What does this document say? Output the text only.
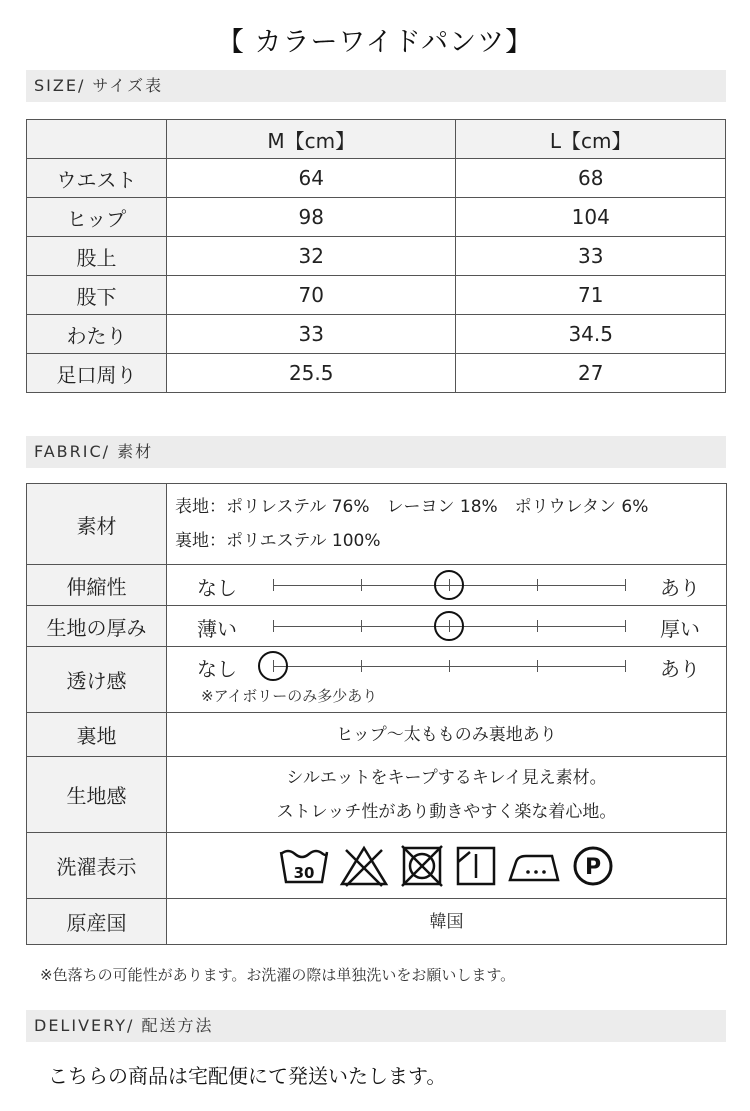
【 カラーワイドパンツ】
SIZE/ サイズ表
	M【cm】	L【cm】
ウエスト	64	68
ヒップ	98	104
股上	32	33
股下	70	71
わたり	33	34.5
足口周り	25.5	27
FABRIC/ 素材
素材	表地：ポリレステル 76%　レーヨン 18%　ポリウレタン 6%
裏地：ポリエステル 100%

伸縮性	なし あり

生地の厚み	薄い 厚い

透け感	なし あり
※アイボリーのみ多少あり

裏地	ヒップ〜太もものみ裏地あり
生地感	シルエットをキープするキレイ見え素材。
ストレッチ性があり動きやすく楽な着心地。

洗濯表示	30 P

原産国	韓国
※色落ちの可能性があります。お洗濯の際は単独洗いをお願いします。
DELIVERY/ 配送方法
こちらの商品は宅配便にて発送いたします。
